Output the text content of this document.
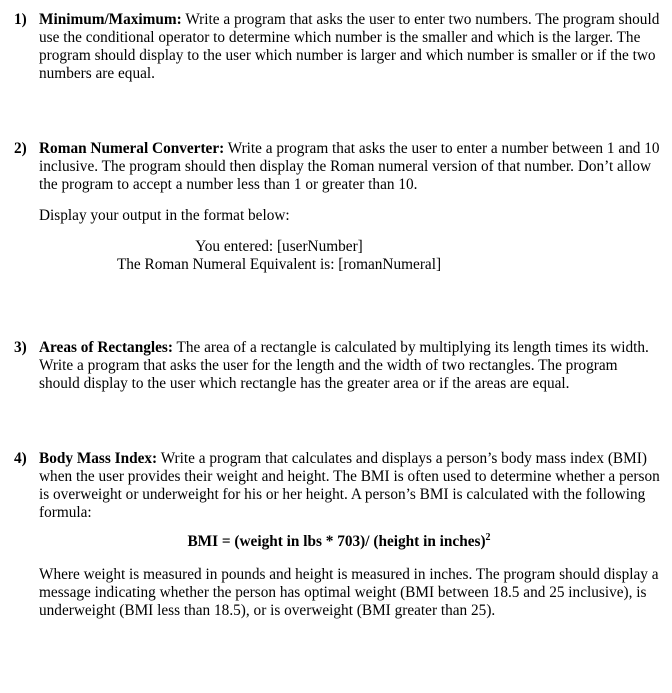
1) Minimum/Maximum: Write a program that asks the user to enter two numbers. The program should use the conditional operator to determine which number is the smaller and which is the larger. The program should display to the user which number is larger and which number is smaller or if the two numbers are equal.

2) Roman Numeral Converter: Write a program that asks the user to enter a number between 1 and 10 inclusive. The program should then display the Roman numeral version of that number. Don’t allow the program to accept a number less than 1 or greater than 10.

Display your output in the format below:

You entered: [userNumber]
The Roman Numeral Equivalent is: [romanNumeral]
3) Areas of Rectangles: The area of a rectangle is calculated by multiplying its length times its width. Write a program that asks the user for the length and the width of two rectangles. The program should display to the user which rectangle has the greater area or if the areas are equal.

4) Body Mass Index: Write a program that calculates and displays a person’s body mass index (BMI) when the user provides their weight and height. The BMI is often used to determine whether a person is overweight or underweight for his or her height. A person’s BMI is calculated with the following formula:

BMI = (weight in lbs * 703)/ (height in inches)$^2$

Where weight is measured in pounds and height is measured in inches. The program should display a message indicating whether the person has optimal weight (BMI between 18.5 and 25 inclusive), is underweight (BMI less than 18.5), or is overweight (BMI greater than 25).
